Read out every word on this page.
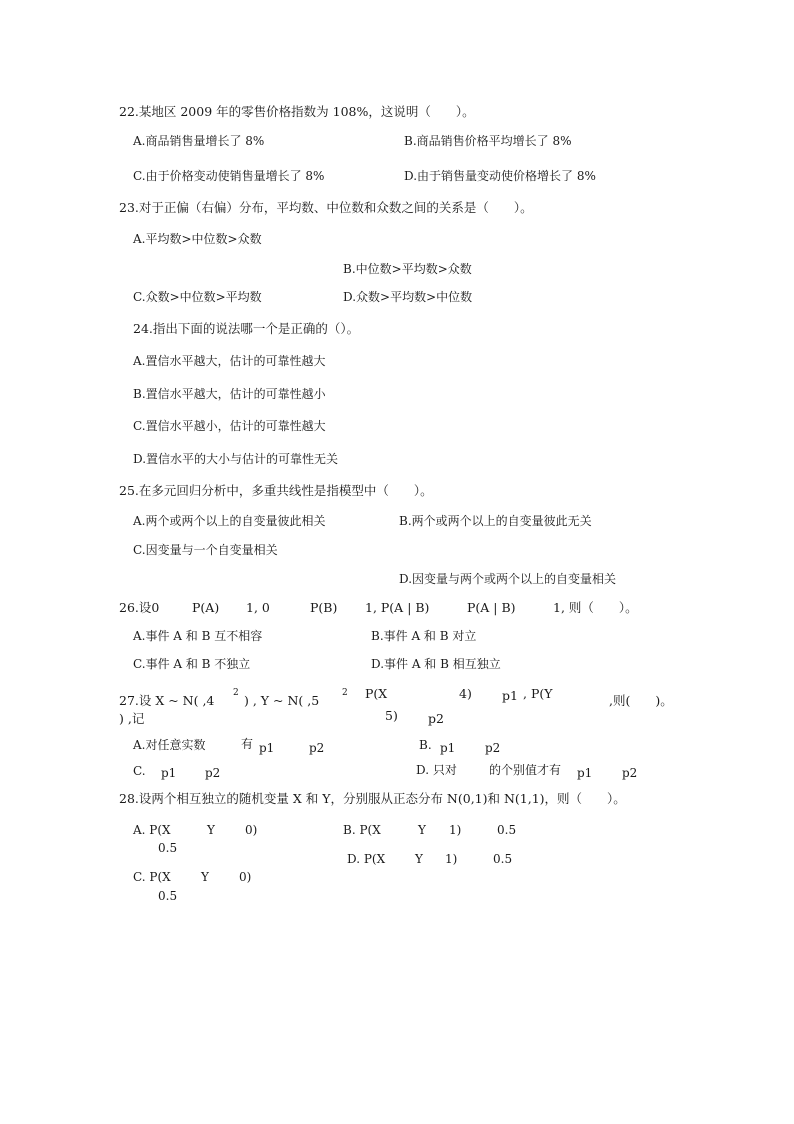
22.某地区 2009 年的零售价格指数为 108%，这说明（　　）。
A.商品销售量增长了 8%	B.商品销售价格平均增长了 8%
C.由于价格变动使销售量增长了 8%	D.由于销售量变动使价格增长了 8%
23.对于正偏（右偏）分布，平均数、中位数和众数之间的关系是（　　）。
A.平均数>中位数>众数
B.中位数>平均数>众数
C.众数>中位数>平均数	D.众数>平均数>中位数
24.指出下面的说法哪一个是正确的（）。
A.置信水平越大，估计的可靠性越大
B.置信水平越大，估计的可靠性越小
C.置信水平越小，估计的可靠性越大
D.置信水平的大小与估计的可靠性无关
25.在多元回归分析中，多重共线性是指模型中（　　）。
A.两个或两个以上的自变量彼此相关	B.两个或两个以上的自变量彼此无关
C.因变量与一个自变量相关
D.因变量与两个或两个以上的自变量相关
26.设0	P(A) 1, 0	P(B) 1, P(A | B)	P(A | B)	1, 则（　　）。
A.事件 A 和 B 互不相容	B.事件 A 和 B 对立
C.事件 A 和 B 不独立	D.事件 A 和 B 相互独立
27.设 X ~ N( ,4 2 ) , Y ~ N( ,5	2 P(X	4) p1 , P(Y	,则(　　)。
) ,记	5) p2
A.对任意实数	有 p1	p2	B. p1 p2
C. p1 p2	D. 只对	的个别值才有 p1 p2
28.设两个相互独立的随机变量 X 和 Y，分别服从正态分布 N(0,1)和 N(1,1)，则（　　）。
A. P(X	Y	0)
0.5
B. P(X	Y 1)	0.5
C. P(X	Y	0)
0.5
D. P(X Y 1)	0.5
